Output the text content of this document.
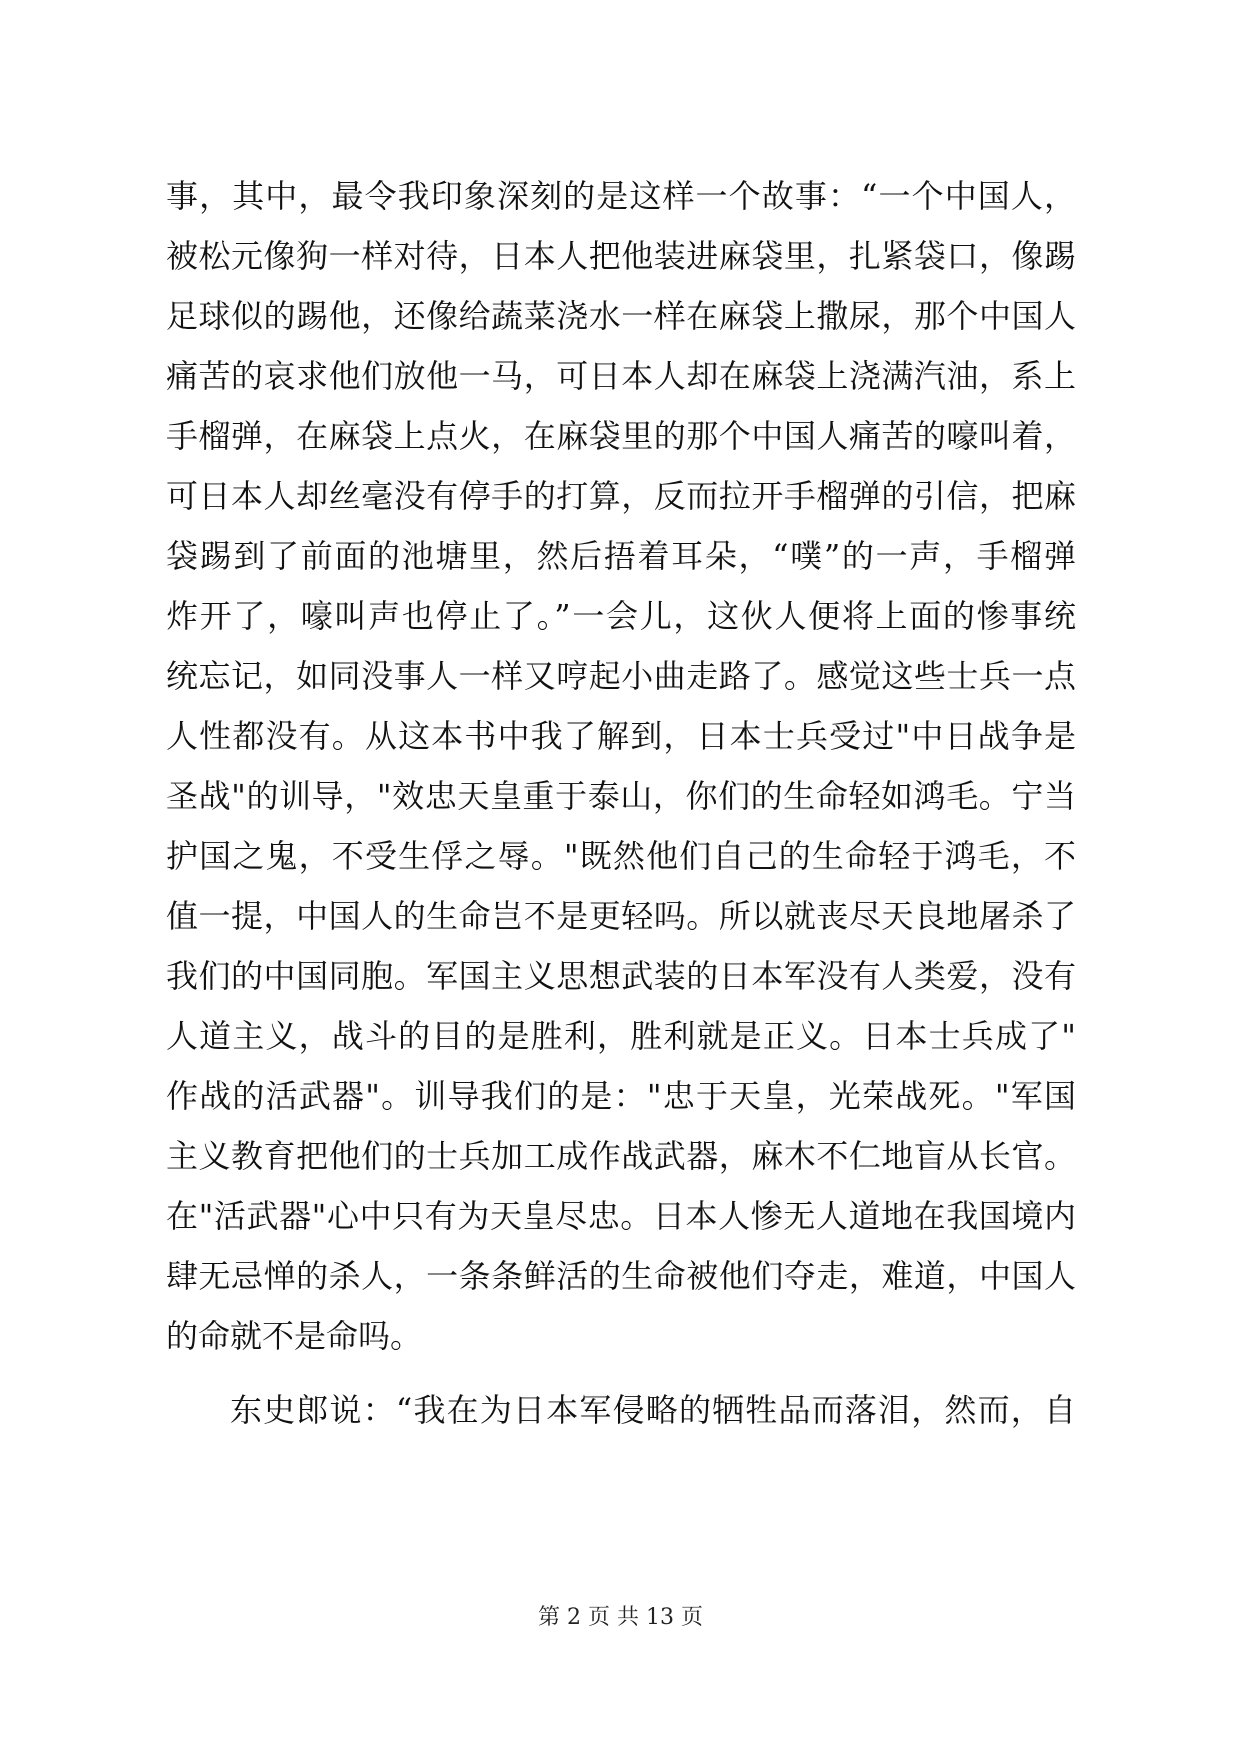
事，其中，最令我印象深刻的是这样一个故事：“一个中国人，
被松元像狗一样对待，日本人把他装进麻袋里，扎紧袋口，像踢
足球似的踢他，还像给蔬菜浇水一样在麻袋上撒尿，那个中国人
痛苦的哀求他们放他一马，可日本人却在麻袋上浇满汽油，系上
手榴弹，在麻袋上点火，在麻袋里的那个中国人痛苦的嚎叫着，
可日本人却丝毫没有停手的打算，反而拉开手榴弹的引信，把麻
袋踢到了前面的池塘里，然后捂着耳朵，“噗”的一声，手榴弹
炸开了，嚎叫声也停止了。”一会儿，这伙人便将上面的惨事统
统忘记，如同没事人一样又哼起小曲走路了。感觉这些士兵一点
人性都没有。从这本书中我了解到，日本士兵受过"中日战争是
圣战"的训导，"效忠天皇重于泰山，你们的生命轻如鸿毛。宁当
护国之鬼，不受生俘之辱。"既然他们自己的生命轻于鸿毛，不
值一提，中国人的生命岂不是更轻吗。所以就丧尽天良地屠杀了
我们的中国同胞。军国主义思想武装的日本军没有人类爱，没有
人道主义，战斗的目的是胜利，胜利就是正义。日本士兵成了"
作战的活武器"。训导我们的是："忠于天皇，光荣战死。"军国
主义教育把他们的士兵加工成作战武器，麻木不仁地盲从长官。
在"活武器"心中只有为天皇尽忠。日本人惨无人道地在我国境内
肆无忌惮的杀人，一条条鲜活的生命被他们夺走，难道，中国人
的命就不是命吗。
东史郎说：“我在为日本军侵略的牺牲品而落泪，然而，自
第 2 页 共 13 页
